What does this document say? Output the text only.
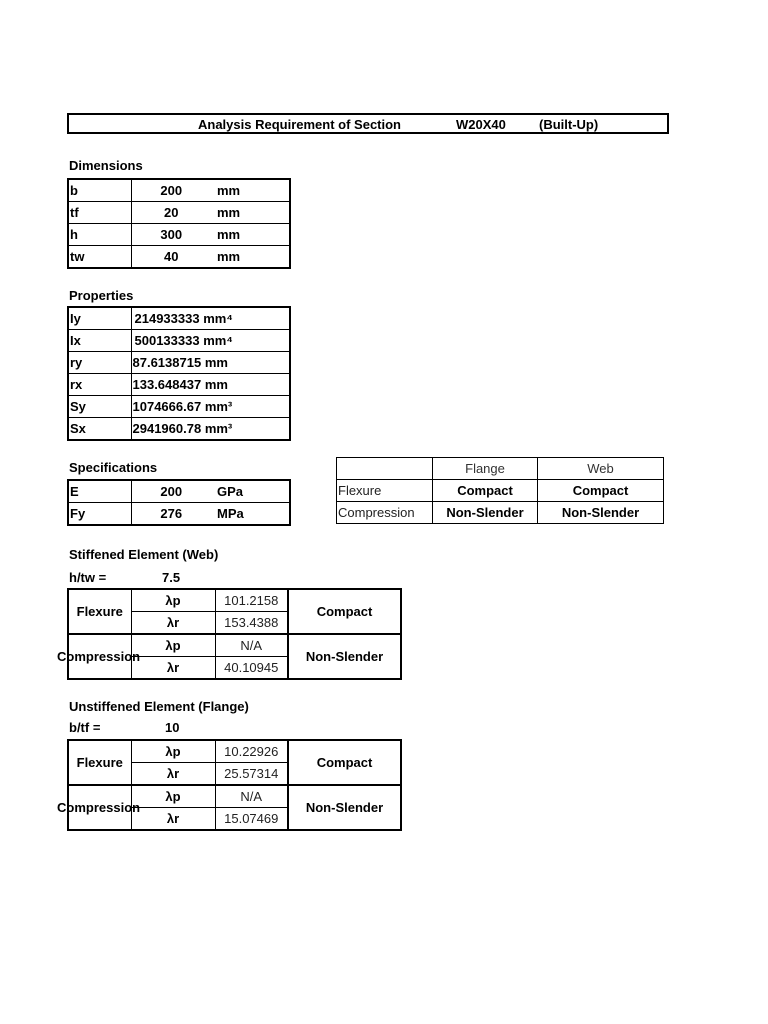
Analysis Requirement of Section	W20X40	(Built-Up)
Dimensions
b	200	mm
tf	20	mm
h	300	mm
tw	40	mm
Properties
Iy	214933333 mm⁴
Ix	500133333 mm⁴
ry	87.6138715 mm
rx	133.648437 mm
Sy	1074666.67 mm³
Sx	2941960.78 mm³
Specifications
E	200	GPa
Fy	276	MPa
	Flange	Web
Flexure	Compact	Compact
Compression	Non-Slender	Non-Slender
Stiffened Element (Web)
h/tw =	7.5
Flexure	λp	101.2158	Compact
	λr	153.4388	

Compression	λp	N/A	Non-Slender
	λr	40.10945	
Unstiffened Element (Flange)
b/tf =	10
Flexure	λp	10.22926	Compact
	λr	25.57314	

Compression	λp	N/A	Non-Slender
	λr	15.07469	
